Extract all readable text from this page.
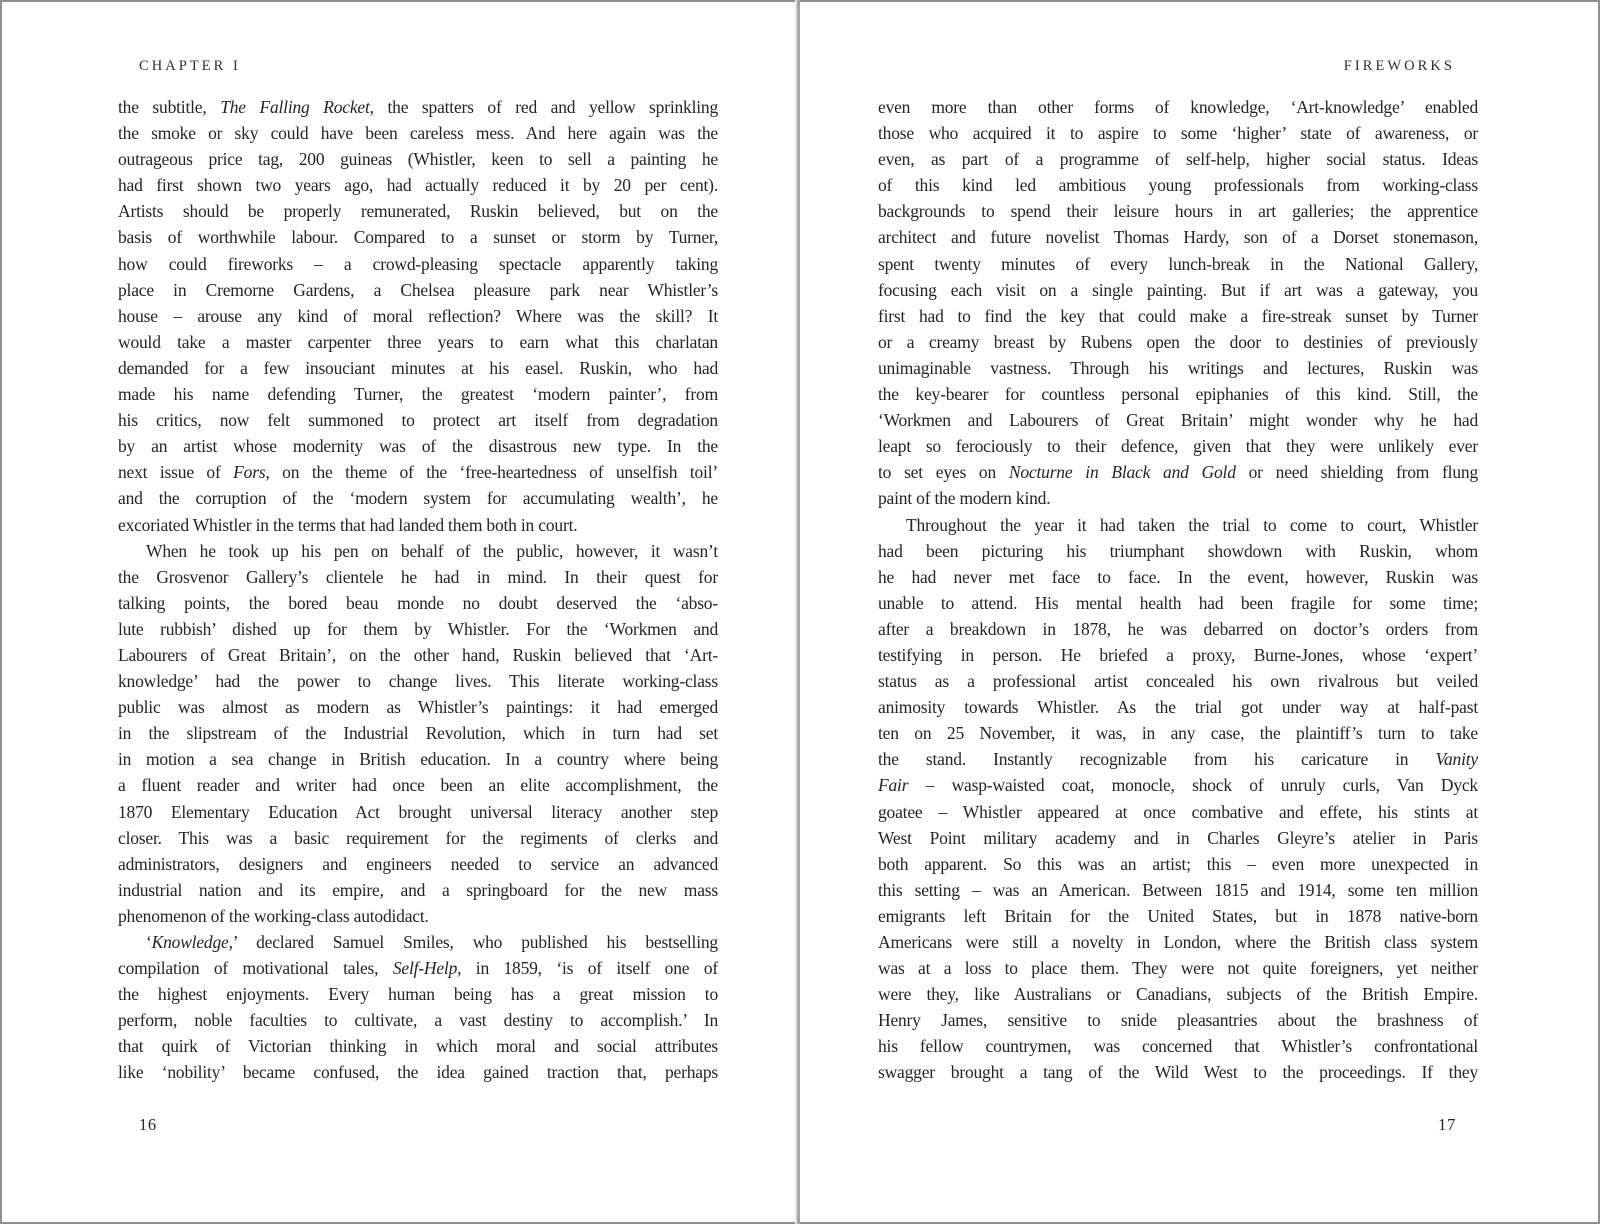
CHAPTER I
the subtitle, The Falling Rocket, the spatters of red and yellow sprinkling
the smoke or sky could have been careless mess. And here again was the
outrageous price tag, 200 guineas (Whistler, keen to sell a painting he
had first shown two years ago, had actually reduced it by 20 per cent).
Artists should be properly remunerated, Ruskin believed, but on the
basis of worthwhile labour. Compared to a sunset or storm by Turner,
how could fireworks – a crowd-pleasing spectacle apparently taking
place in Cremorne Gardens, a Chelsea pleasure park near Whistler’s
house – arouse any kind of moral reflection? Where was the skill? It
would take a master carpenter three years to earn what this charlatan
demanded for a few insouciant minutes at his easel. Ruskin, who had
made his name defending Turner, the greatest ‘modern painter’, from
his critics, now felt summoned to protect art itself from degradation
by an artist whose modernity was of the disastrous new type. In the
next issue of Fors, on the theme of the ‘free-heartedness of unselfish toil’
and the corruption of the ‘modern system for accumulating wealth’, he
excoriated Whistler in the terms that had landed them both in court.
When he took up his pen on behalf of the public, however, it wasn’t
the Grosvenor Gallery’s clientele he had in mind. In their quest for
talking points, the bored beau monde no doubt deserved the ‘abso-
lute rubbish’ dished up for them by Whistler. For the ‘Workmen and
Labourers of Great Britain’, on the other hand, Ruskin believed that ‘Art-
knowledge’ had the power to change lives. This literate working-class
public was almost as modern as Whistler’s paintings: it had emerged
in the slipstream of the Industrial Revolution, which in turn had set
in motion a sea change in British education. In a country where being
a fluent reader and writer had once been an elite accomplishment, the
1870 Elementary Education Act brought universal literacy another step
closer. This was a basic requirement for the regiments of clerks and
administrators, designers and engineers needed to service an advanced
industrial nation and its empire, and a springboard for the new mass
phenomenon of the working-class autodidact.
‘Knowledge,’ declared Samuel Smiles, who published his bestselling
compilation of motivational tales, Self-Help, in 1859, ‘is of itself one of
the highest enjoyments. Every human being has a great mission to
perform, noble faculties to cultivate, a vast destiny to accomplish.’ In
that quirk of Victorian thinking in which moral and social attributes
like ‘nobility’ became confused, the idea gained traction that, perhaps
16
FIREWORKS
even more than other forms of knowledge, ‘Art-knowledge’ enabled
those who acquired it to aspire to some ‘higher’ state of awareness, or
even, as part of a programme of self-help, higher social status. Ideas
of this kind led ambitious young professionals from working-class
backgrounds to spend their leisure hours in art galleries; the apprentice
architect and future novelist Thomas Hardy, son of a Dorset stonemason,
spent twenty minutes of every lunch-break in the National Gallery,
focusing each visit on a single painting. But if art was a gateway, you
first had to find the key that could make a fire-streak sunset by Turner
or a creamy breast by Rubens open the door to destinies of previously
unimaginable vastness. Through his writings and lectures, Ruskin was
the key-bearer for countless personal epiphanies of this kind. Still, the
‘Workmen and Labourers of Great Britain’ might wonder why he had
leapt so ferociously to their defence, given that they were unlikely ever
to set eyes on Nocturne in Black and Gold or need shielding from flung
paint of the modern kind.
Throughout the year it had taken the trial to come to court, Whistler
had been picturing his triumphant showdown with Ruskin, whom
he had never met face to face. In the event, however, Ruskin was
unable to attend. His mental health had been fragile for some time;
after a breakdown in 1878, he was debarred on doctor’s orders from
testifying in person. He briefed a proxy, Burne-Jones, whose ‘expert’
status as a professional artist concealed his own rivalrous but veiled
animosity towards Whistler. As the trial got under way at half-past
ten on 25 November, it was, in any case, the plaintiff’s turn to take
the stand. Instantly recognizable from his caricature in Vanity
Fair – wasp-waisted coat, monocle, shock of unruly curls, Van Dyck
goatee – Whistler appeared at once combative and effete, his stints at
West Point military academy and in Charles Gleyre’s atelier in Paris
both apparent. So this was an artist; this – even more unexpected in
this setting – was an American. Between 1815 and 1914, some ten million
emigrants left Britain for the United States, but in 1878 native-born
Americans were still a novelty in London, where the British class system
was at a loss to place them. They were not quite foreigners, yet neither
were they, like Australians or Canadians, subjects of the British Empire.
Henry James, sensitive to snide pleasantries about the brashness of
his fellow countrymen, was concerned that Whistler’s confrontational
swagger brought a tang of the Wild West to the proceedings. If they
17
